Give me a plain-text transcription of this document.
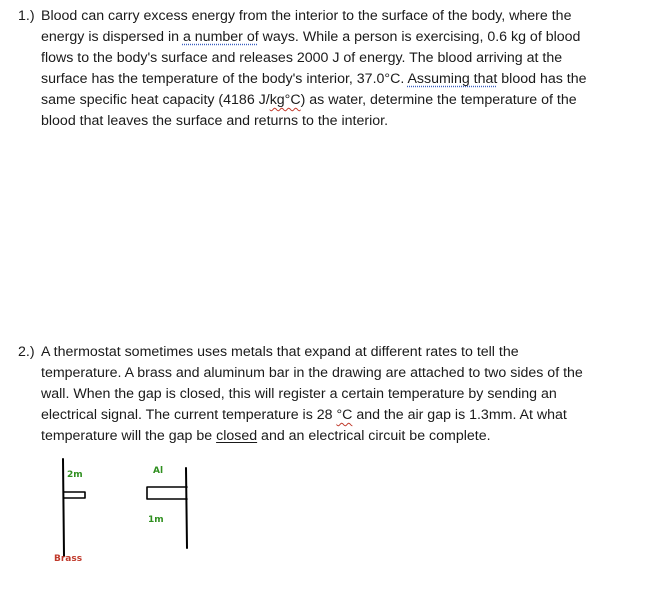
1.) Blood can carry excess energy from the interior to the surface of the body, where the
energy is dispersed in a number of ways. While a person is exercising, 0.6 kg of blood
flows to the body's surface and releases 2000 J of energy. The blood arriving at the
surface has the temperature of the body's interior, 37.0°C. Assuming that blood has the
same specific heat capacity (4186 J/kg°C) as water, determine the temperature of the
blood that leaves the surface and returns to the interior.
2.) A thermostat sometimes uses metals that expand at different rates to tell the
temperature. A brass and aluminum bar in the drawing are attached to two sides of the
wall. When the gap is closed, this will register a certain temperature by sending an
electrical signal. The current temperature is 28 °C and the air gap is 1.3mm. At what
temperature will the gap be closed and an electrical circuit be complete.
2m	Al
1m
Brass
